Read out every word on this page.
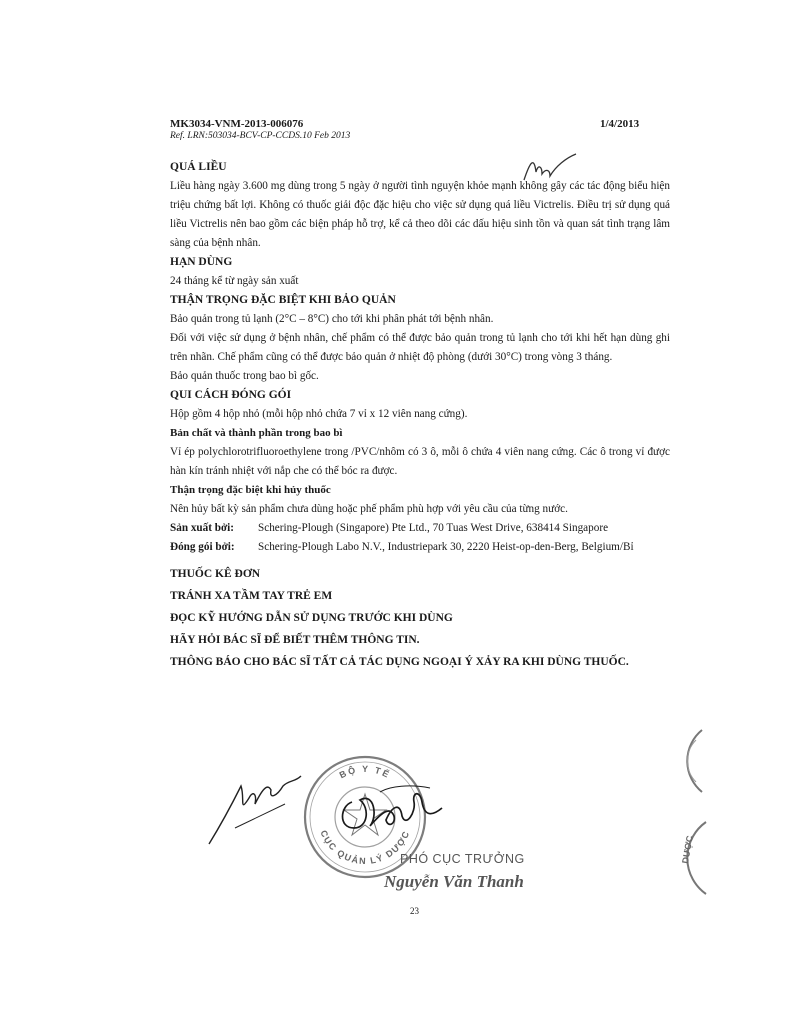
MK3034-VNM-2013-006076
Ref. LRN:503034-BCV-CP-CCDS.10 Feb 2013
1/4/2013

QUÁ LIỀU

Liều hàng ngày 3.600 mg dùng trong 5 ngày ở người tình nguyện khỏe mạnh không gây các tác động biểu hiện triệu chứng bất lợi. Không có thuốc giải độc đặc hiệu cho việc sử dụng quá liều Victrelis. Điều trị sử dụng quá liều Victrelis nên bao gồm các biện pháp hỗ trợ, kể cả theo dõi các dấu hiệu sinh tồn và quan sát tình trạng lâm sàng của bệnh nhân.

HẠN DÙNG

24 tháng kể từ ngày sản xuất

THẬN TRỌNG ĐẶC BIỆT KHI BẢO QUẢN

Bảo quản trong tủ lạnh (2°C – 8°C) cho tới khi phân phát tới bệnh nhân.

Đối với việc sử dụng ở bệnh nhân, chế phẩm có thể được bảo quản trong tủ lạnh cho tới khi hết hạn dùng ghi trên nhãn. Chế phẩm cũng có thể được bảo quản ở nhiệt độ phòng (dưới 30°C) trong vòng 3 tháng.

Bảo quản thuốc trong bao bì gốc.

QUI CÁCH ĐÓNG GÓI

Hộp gồm 4 hộp nhỏ (mỗi hộp nhỏ chứa 7 vỉ x 12 viên nang cứng).

Bản chất và thành phần trong bao bì

Vỉ ép polychlorotrifluoroethylene trong /PVC/nhôm có 3 ô, mỗi ô chứa 4 viên nang cứng. Các ô trong vỉ được hàn kín tránh nhiệt với nắp che có thể bóc ra được.

Thận trọng đặc biệt khi hủy thuốc

Nên hủy bất kỳ sản phẩm chưa dùng hoặc phế phẩm phù hợp với yêu cầu của từng nước.

Sản xuất bởi:	Schering-Plough (Singapore) Pte Ltd., 70 Tuas West Drive, 638414 Singapore
Đóng gói bởi:	Schering-Plough Labo N.V., Industriepark 30, 2220 Heist-op-den-Berg, Belgium/Bỉ

THUỐC KÊ ĐƠN

TRÁNH XA TẦM TAY TRẺ EM

ĐỌC KỸ HƯỚNG DẪN SỬ DỤNG TRƯỚC KHI DÙNG

HÃY HỎI BÁC SĨ ĐỂ BIẾT THÊM THÔNG TIN.

THÔNG BÁO CHO BÁC SĨ TẤT CẢ TÁC DỤNG NGOẠI Ý XẢY RA KHI DÙNG THUỐC.

BỘ Y TẾ
CỤC QUẢN LÝ DƯỢC
PHÓ CỤC TRƯỞNG
Nguyễn Văn Thanh
DƯỢC
23
